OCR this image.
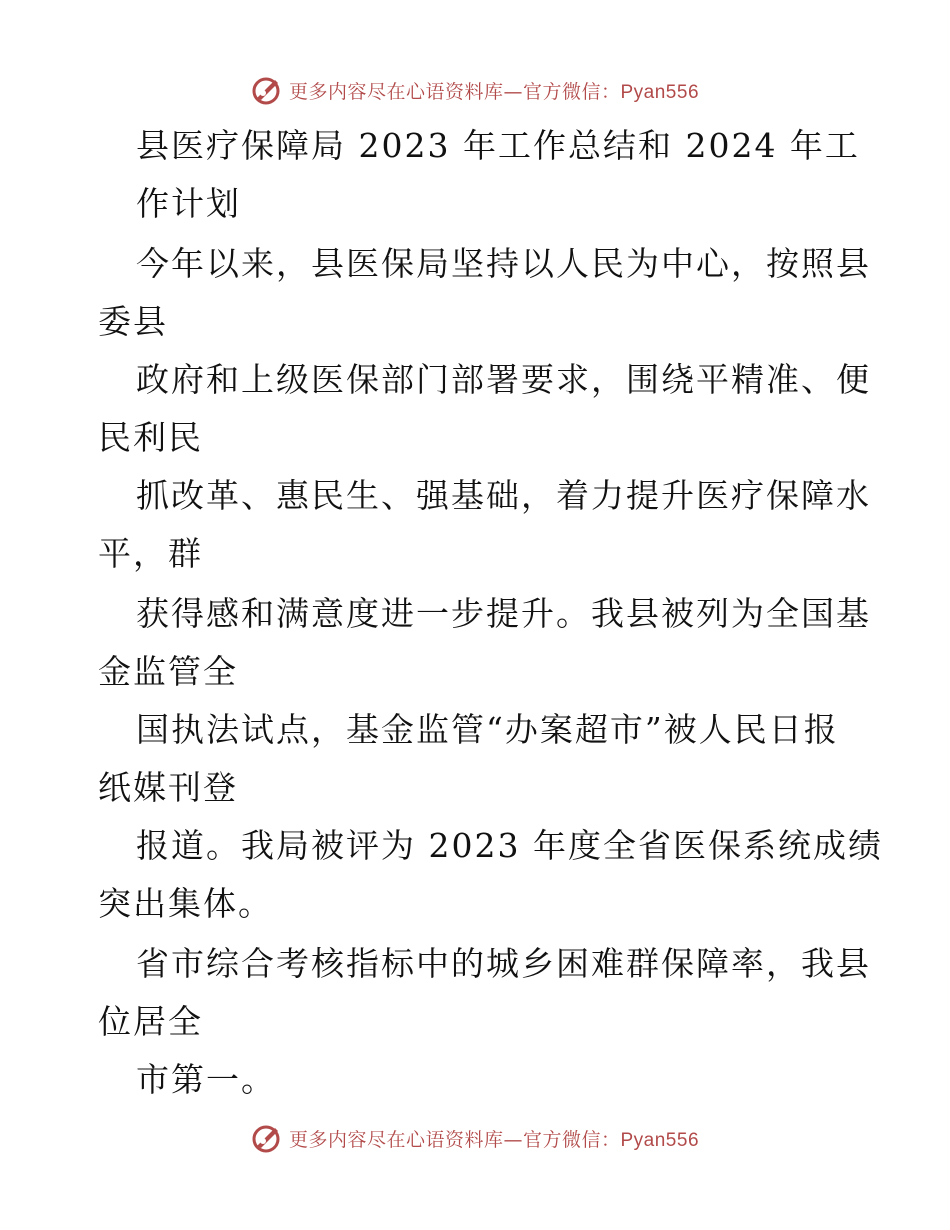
更多内容尽在心语资料库—官方微信：Pyan556
县医疗保障局 2023 年工作总结和 2024 年工
作计划
今年以来，县医保局坚持以人民为中心，按照县
委县
政府和上级医保部门部署要求，围绕平精准、便
民利民
抓改革、惠民生、强基础，着力提升医疗保障水
平，群
获得感和满意度进一步提升。我县被列为全国基
金监管全
国执法试点，基金监管“办案超市”被人民日报
纸媒刊登
报道。我局被评为 2023 年度全省医保系统成绩
突出集体。
省市综合考核指标中的城乡困难群保障率，我县
位居全
市第一。
更多内容尽在心语资料库—官方微信：Pyan556
